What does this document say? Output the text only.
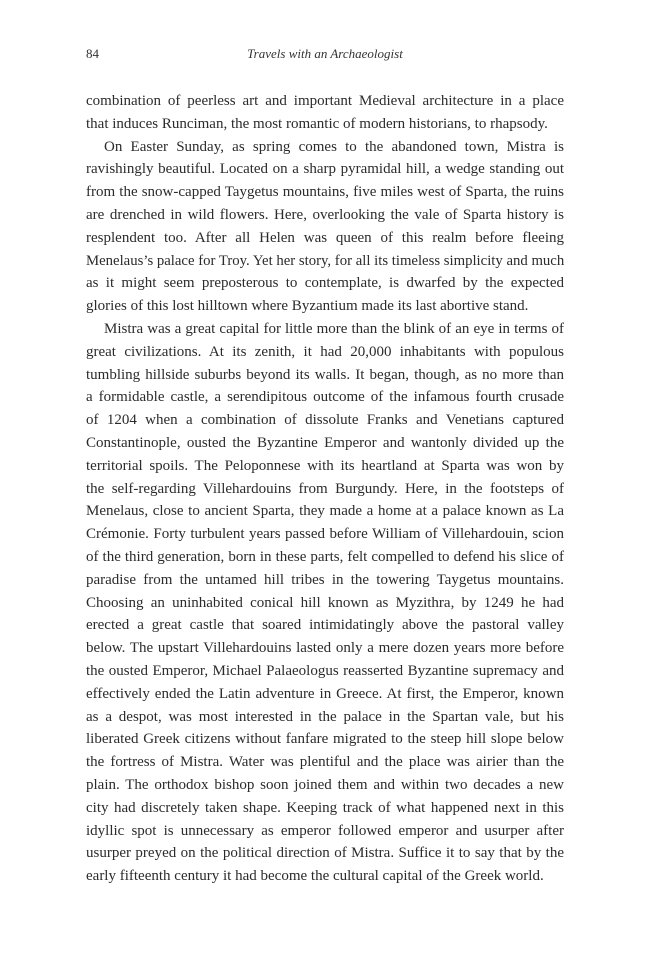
84	Travels with an Archaeologist

combination of peerless art and important Medieval architecture in a place
that induces Runciman, the most romantic of modern historians, to rhapsody.

On Easter Sunday, as spring comes to the abandoned town, Mistra is
ravishingly beautiful. Located on a sharp pyramidal hill, a wedge standing out
from the snow-capped Taygetus mountains, five miles west of Sparta, the ruins
are drenched in wild flowers. Here, overlooking the vale of Sparta history is
resplendent too. After all Helen was queen of this realm before fleeing
Menelaus’s palace for Troy. Yet her story, for all its timeless simplicity and much
as it might seem preposterous to contemplate, is dwarfed by the expected
glories of this lost hilltown where Byzantium made its last abortive stand.

Mistra was a great capital for little more than the blink of an eye in terms of
great civilizations. At its zenith, it had 20,000 inhabitants with populous
tumbling hillside suburbs beyond its walls. It began, though, as no more than
a formidable castle, a serendipitous outcome of the infamous fourth crusade
of 1204 when a combination of dissolute Franks and Venetians captured
Constantinople, ousted the Byzantine Emperor and wantonly divided up the
territorial spoils. The Peloponnese with its heartland at Sparta was won by
the self-regarding Villehardouins from Burgundy. Here, in the footsteps of
Menelaus, close to ancient Sparta, they made a home at a palace known as La
Crémonie. Forty turbulent years passed before William of Villehardouin, scion
of the third generation, born in these parts, felt compelled to defend his slice of
paradise from the untamed hill tribes in the towering Taygetus mountains.
Choosing an uninhabited conical hill known as Myzithra, by 1249 he had
erected a great castle that soared intimidatingly above the pastoral valley
below. The upstart Villehardouins lasted only a mere dozen years more before
the ousted Emperor, Michael Palaeologus reasserted Byzantine supremacy and
effectively ended the Latin adventure in Greece. At first, the Emperor, known
as a despot, was most interested in the palace in the Spartan vale, but his
liberated Greek citizens without fanfare migrated to the steep hill slope below
the fortress of Mistra. Water was plentiful and the place was airier than the
plain. The orthodox bishop soon joined them and within two decades a new
city had discretely taken shape. Keeping track of what happened next in this
idyllic spot is unnecessary as emperor followed emperor and usurper after
usurper preyed on the political direction of Mistra. Suffice it to say that by the
early fifteenth century it had become the cultural capital of the Greek world.
